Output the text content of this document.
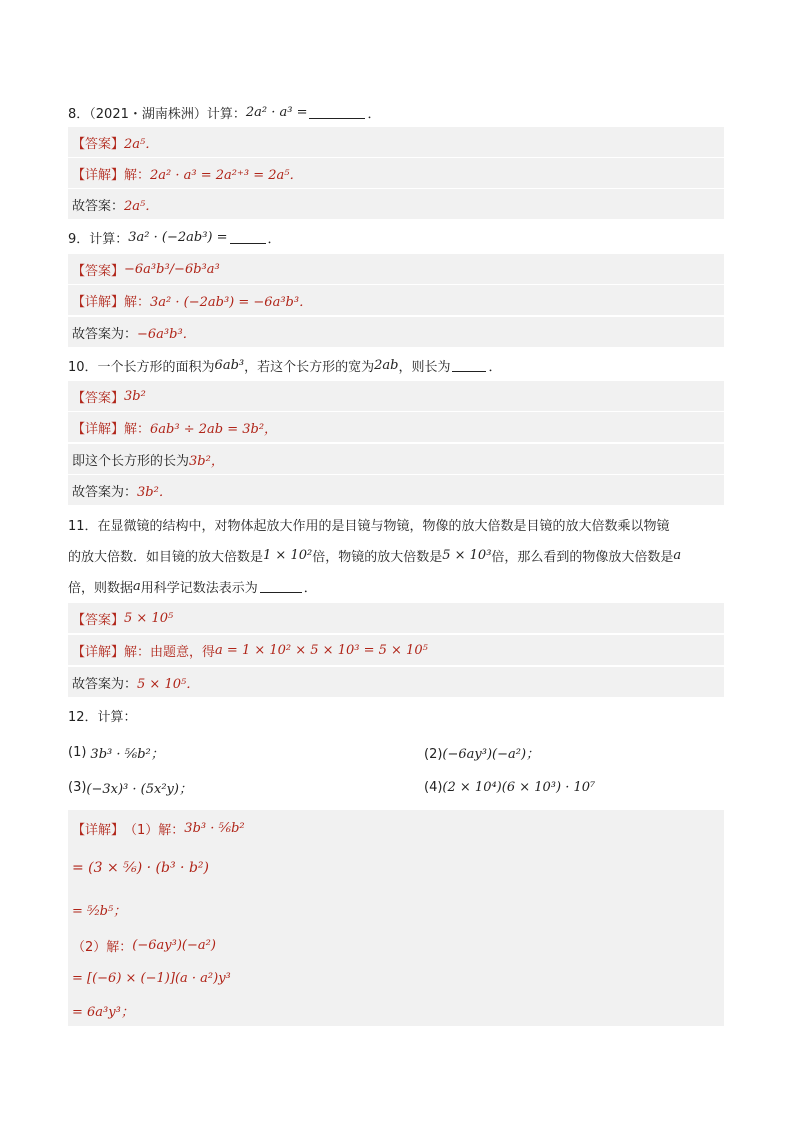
8．（2021・湖南株洲）计算： 2a² · a³ =	．
【答案】 2a⁵．
【详解】 解： 2a² · a³ = 2a²⁺³ = 2a⁵．
故答案： 2a⁵．
9．计算： 3a² · (−2ab³) =	．
【答案】 −6a³b³/−6b³a³
【详解】 解： 3a² · (−2ab³) = −6a³b³．
故答案为： −6a³b³．
10．一个长方形的面积为 6ab³ ，若这个长方形的宽为 2ab ，则长为	．
【答案】 3b²
【详解】 解： 6ab³ ÷ 2ab = 3b²，
即这个长方形的长为 3b²，
故答案为： 3b²．
11．在显微镜的结构中，对物体起放大作用的是目镜与物镜，物像的放大倍数是目镜的放大倍数乘以物镜
的放大倍数．如目镜的放大倍数是 1 × 10² 倍，物镜的放大倍数是 5 × 10³ 倍，那么看到的物像放大倍数是 a
倍，则数据 a 用科学记数法表示为	．
【答案】 5 × 10⁵
【详解】 解：由题意，得 a = 1 × 10² × 5 × 10³ = 5 × 10⁵
故答案为： 5 × 10⁵．
12．计算：
(1) 3b³ · ⁵⁄₆b²；	(2)(−6ay³)(−a²)；
(3) (−3x)³ · (5x²y)；	(4)(2 × 10⁴)(6 × 10³) · 10⁷
【详解】 （1）解： 3b³ · ⁵⁄₆b²
= (3 × ⁵⁄₆) · (b³ · b²)
= ⁵⁄₂b⁵；
（2）解： (−6ay³)(−a²)
= [(−6) × (−1)](a · a²)y³
= 6a³y³；
